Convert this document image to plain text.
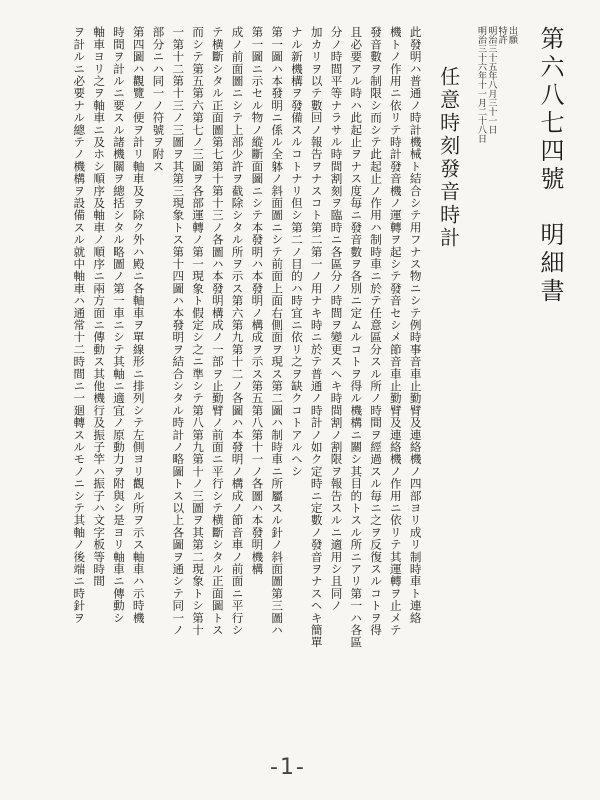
第六八七四號　明細書
出願
特許
明治三十五年八月三十一日
明治三十六年十一月二十八日
任意時刻發音時計
此發明ハ普通ノ時計機械ト結合シテ用フナス物ニシテ例時事音車止勤臂及連絡機ノ四部ヨリ成リ制時車ト連絡
機トノ作用ニ依リテ時計發音機ノ運轉ヲ起シテ發音セシメ節音車止勤臂及連絡機ノ作用ニ依リテ其運轉ヲ止メテ
發音數ヲ制限シ而シテ此起止ノ作用ハ制時車ニ於テ任意區分スル所ノ時間ヲ經過スル毎ニ之ヲ反復スルコトヲ得
且必要アル時ハ此起止ヲナス度毎ニ發音數ヲ各別ニ定ムルコトヲ得ル機構ニ關シ其目的トスル所ニアリ第一ハ各區
分ノ時間平等ナラサル時間割刻ヲ臨時ニ各區分ノ時間ヲ變更スヘキ時間割ノ割限ヲ報告スルニ適用シ且同ノ
加カリヲ以テ數回ノ報告ヲナスコト第二第一ノ用ナキ時ニ於テ普通ノ時計ノ如ク定時ニ定數ノ發音ヲナスヘキ簡單
ナル新機構ヲ發備スルコトナリ但シ第二ノ目的ハ時宜ニ依リ之ヲ缺クコトアルヘシ
第一圖ハ本發明ニ係ル全躰ノ斜面圖ニシテ前面上面右側面ヲ現ス第二圖ハ制時車ニ所屬スル針ノ斜面圖第三圖ハ
第一圖ニ示セル物ノ縱斷面圖ニシテ本發明ハ本發明ノ構成ヲ示ス第五第八第十一ノ各圖ハ本發明機構
成ノ前面圖ニシテ上部少許ヲ截除シタル所ヲ示ス第六第九第十二ノ各圖ハ本發明ノ構成ノ節音車ノ前面ニ平行シ
テ横斷シタル正面圖第七第十第十三ノ各圖ハ本發明構成ノ一部ヲ止勤臂ノ前面ニ平行シテ横斷シタル正面圖トス
而シテ第五第六第七ノ三圖ヲ各部運轉ノ第一現象ト假定シ之ニ準シテ第八第九第十ノ三圖ヲ其第二現象トシ第十
一第十二第十三ノ三圖ヲ其第三現象トス第十四圖ハ本發明ヲ結合シタル時計ノ略圖トス以上各圖ヲ通シテ同一ノ
部分ニハ同一ノ符號ヲ附ス
第四圖ハ觀覽ノ便ヲ計リ軸車及ヲ除ク外ハ殿ニ各軸車ヲ單線形ニ排列シテ左側ヨリ觀ル所ヲ示ス軸車ハ示時機
時間ヲ計ルニ要スル諸機關ヲ總括シタル略圖ノ第一車ニシテ其軸ニ適宜ノ原動力ヲ附與シ是ヨリ軸車ニ傳動シ
軸車ヨリ之ヲ軸車ニ及ホシ順序及軸車ノ順序ニ兩方面ニ傳動ス其他機行及振子竿ハ振子ハ文字板等時間
ヲ計ルニ必要ナル總テノ機構ヲ設備スル就中軸車ハ通常十二時間ニ一廻轉スルモノニシテ其軸ノ後端ニ時針ヲ
-1-
